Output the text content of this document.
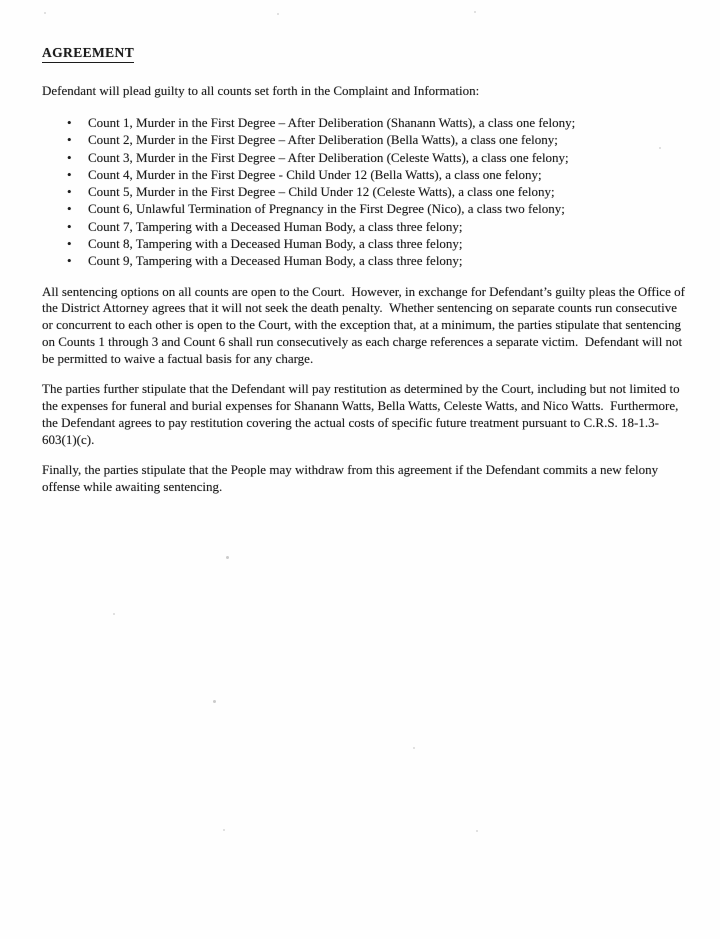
AGREEMENT

Defendant will plead guilty to all counts set forth in the Complaint and Information:

• Count 1, Murder in the First Degree – After Deliberation (Shanann Watts), a class one felony;
• Count 2, Murder in the First Degree – After Deliberation (Bella Watts), a class one felony;
• Count 3, Murder in the First Degree – After Deliberation (Celeste Watts), a class one felony;
• Count 4, Murder in the First Degree - Child Under 12 (Bella Watts), a class one felony;
• Count 5, Murder in the First Degree – Child Under 12 (Celeste Watts), a class one felony;
• Count 6, Unlawful Termination of Pregnancy in the First Degree (Nico), a class two felony;
• Count 7, Tampering with a Deceased Human Body, a class three felony;
• Count 8, Tampering with a Deceased Human Body, a class three felony;
• Count 9, Tampering with a Deceased Human Body, a class three felony;

All sentencing options on all counts are open to the Court.  However, in exchange for Defendant’s guilty pleas the Office of the District Attorney agrees that it will not seek the death penalty.  Whether sentencing on separate counts run consecutive or concurrent to each other is open to the Court, with the exception that, at a minimum, the parties stipulate that sentencing on Counts 1 through 3 and Count 6 shall run consecutively as each charge references a separate victim.  Defendant will not be permitted to waive a factual basis for any charge.

The parties further stipulate that the Defendant will pay restitution as determined by the Court, including but not limited to the expenses for funeral and burial expenses for Shanann Watts, Bella Watts, Celeste Watts, and Nico Watts.  Furthermore, the Defendant agrees to pay restitution covering the actual costs of specific future treatment pursuant to C.R.S. 18-1.3-603(1)(c).

Finally, the parties stipulate that the People may withdraw from this agreement if the Defendant commits a new felony offense while awaiting sentencing.
